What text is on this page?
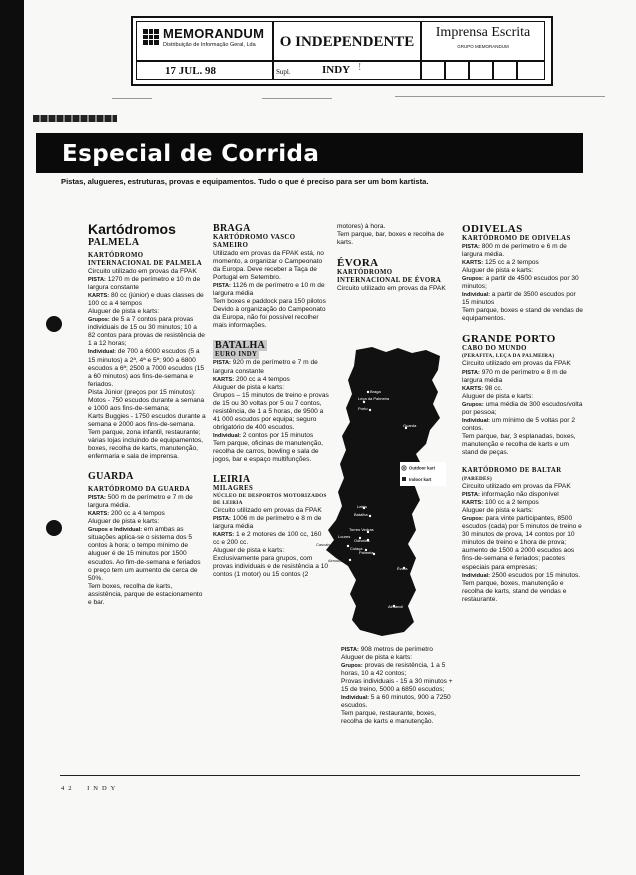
MEMORANDUM
Distribuição de Informação Geral, Lda	O INDEPENDENTE
Imprensa Escrita
GRUPO MEMORANDUM
17 JUL. 98	Supl.	INDY !
Especial de Corrida
Pistas, alugueres, estruturas, provas e equipamentos. Tudo o que é preciso para ser um bom kartista.
Kartódromos
PALMELA
KARTÓDROMO INTERNACIONAL DE PALMELA

Circuito utilizado em provas da FPAK

PISTA: 1270 m de perímetro e 10 m de largura constante

KARTS: 80 cc (júnior) e duas classes de 100 cc a 4 tempos

Aluguer de pista e karts:

Grupos: de 5 a 7 contos para provas individuais de 15 ou 30 minutos; 10 a 82 contos para provas de resistência de 1 a 12 horas;

Individual: de 700 a 6000 escudos (5 a 15 minutos) a 2ª, 4ª e 5ª; 900 a 6800 escudos a 6ª; 2500 a 7000 escudos (15 a 60 minutos) aos fins-de-semana e feriados.

Pista Júnior (preços por 15 minutos):

Motos - 750 escudos durante a semana e 1000 aos fins-de-semana;

Karts Buggies - 1750 escudos durante a semana e 2000 aos fins-de-semana.

Tem parque, zona infantil, restaurante; várias lojas incluindo de equipamentos, boxes, recolha de karts, manutenção, enfermaria e sala de imprensa.

GUARDA
KARTÓDROMO DA GUARDA

PISTA: 500 m de perímetro e 7 m de largura média.

KARTS: 200 cc a 4 tempos

Aluguer de pista e karts:

Grupos e Individual: em ambas as situações aplica-se o sistema dos 5 contos à hora; o tempo mínimo de aluguer é de 15 minutos por 1500 escudos. Ao fim-de-semana e feriados o preço tem um aumento de cerca de 50%.

Tem boxes, recolha de karts, assistência, parque de estacionamento e bar.

BRAGA
KARTÓDROMO VASCO SAMEIRO

Utilizado em provas da FPAK está, no momento, a organizar o Campeonato da Europa. Deve receber a Taça de Portugal em Setembro.

PISTA: 1126 m de perímetro e 10 m de largura média

Tem boxes e paddock para 150 pilotos

Devido à organização do Campeonato da Europa, não foi possível recolher mais informações.

BATALHA
EURO INDY

PISTA: 920 m de perímetro e 7 m de largura constante

KARTS: 200 cc a 4 tempos

Aluguer de pista e karts:

Grupos – 15 minutos de treino e provas de 15 ou 30 voltas por 5 ou 7 contos, resistência, de 1 a 5 horas, de 9500 a 41 000 escudos por equipa; seguro obrigatório de 400 escudos.

Individual: 2 contos por 15 minutos

Tem parque, oficinas de manutenção, recolha de carros, bowling e sala de jogos, bar e espaço multifunções.

LEIRIA
MILAGRES
NÚCLEO DE DESPORTOS MOTORIZADOS DE LEIRIA

Circuito utilizado em provas da FPAK

PISTA: 1006 m de perímetro e 8 m de largura média

KARTS: 1 e 2 motores de 100 cc, 160 cc e 200 cc.

Aluguer de pista e karts:

Exclusivamente para grupos, com provas individuais e de resistência a 10 contos (1 motor) ou 15 contos (2

motores) à hora.

Tem parque, bar, boxes e recolha de karts.

ÉVORA
KARTÓDROMO INTERNACIONAL DE ÉVORA

Circuito utilizado em provas da FPAK

PISTA: 908 metros de perímetro

Aluguer de pista e karts:

Grupos: provas de resistência, 1 a 5 horas, 10 a 42 contos;

Provas individuais - 15 a 30 minutos + 15 de treino, 5000 a 6850 escudos;

Individual: 5 a 60 minutos, 900 a 7250 escudos.

Tem parque, restaurante, boxes, recolha de karts e manutenção.

ODIVELAS
KARTÓDROMO DE ODIVELAS

PISTA: 800 m de perímetro e 6 m de largura média.

KARTS: 125 cc a 2 tempos

Aluguer de pista e karts:

Grupos: a partir de 4500 escudos por 30 minutos;

Individual: a partir de 3500 escudos por 15 minutos

Tem parque, boxes e stand de vendas de equipamentos.

GRANDE PORTO
CABO DO MUNDO
(PERAFITA, LEÇA DA PALMEIRA)

Circuito utilizado em provas da FPAK

PISTA: 970 m de perímetro e 8 m de largura média

KARTS: 98 cc.

Aluguer de pista e karts:

Grupos: uma média de 300 escudos/volta por pessoa;

Individual: um mínimo de 5 voltas por 2 contos.

Tem parque, bar, 3 esplanadas, boxes, manutenção e recolha de karts e um stand de peças.

KARTÓDROMO DE BALTAR (PAREDES)

Circuito utilizado em provas da FPAK

PISTA: informação não disponível

KARTS: 100 cc a 2 tempos

Aluguer de pista e karts:

Grupos: para vinte participantes, 8500 escudos (cada) por 5 minutos de treino e 30 minutos de prova, 14 contos por 10 minutos de treino e 1hora de prova; aumento de 1500 a 2000 escudos aos fins-de-semana e feriados; pacotes especiais para empresas;

Individual: 2500 escudos por 15 minutos.

Tem parque, boxes, manutenção e recolha de karts, stand de vendas e restaurante.

Braga
Leça da Palmeira
Porto
Guarda
Leiria
Batalha
Torres Vedras
Loures
Odivelas
Cascais
Colaça
Palmela
Almoster
Évora
Almancil
Outdoor kart
Indoor kart
42 INDY
